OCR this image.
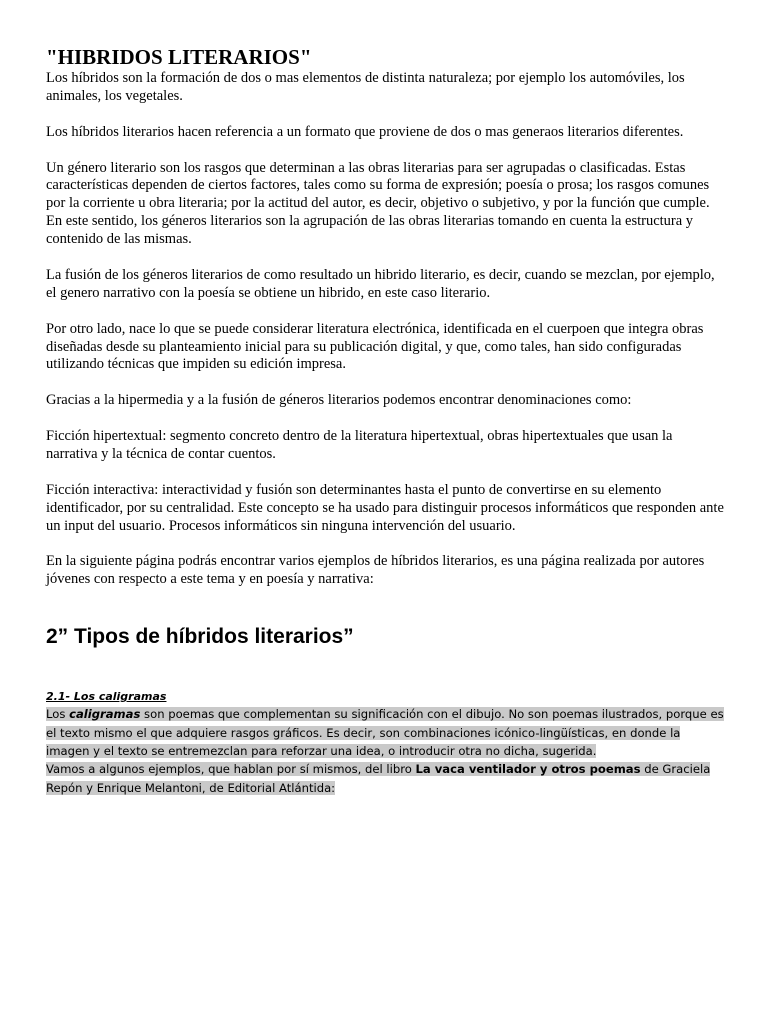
"HIBRIDOS LITERARIOS"

Los híbridos son la formación de dos o mas elementos de distinta naturaleza; por ejemplo los automóviles, los animales, los vegetales.

Los híbridos literarios hacen referencia a un formato que proviene de dos o mas generaos literarios diferentes.

Un género literario son los rasgos que determinan a las obras literarias para ser agrupadas o clasificadas. Estas características dependen de ciertos factores, tales como su forma de expresión; poesía o prosa; los rasgos comunes por la corriente u obra literaria; por la actitud del autor, es decir, objetivo o subjetivo, y por la función que cumple. En este sentido, los géneros literarios son la agrupación de las obras literarias tomando en cuenta la estructura y contenido de las mismas.

La fusión de los géneros literarios de como resultado un hibrido literario, es decir, cuando se mezclan, por ejemplo, el genero narrativo con la poesía se obtiene un hibrido, en este caso literario.

Por otro lado, nace lo que se puede considerar literatura electrónica, identificada en el cuerpoen que integra obras diseñadas desde su planteamiento inicial para su publicación digital, y que, como tales, han sido configuradas utilizando técnicas que impiden su edición impresa.

Gracias a la hipermedia y a la fusión de géneros literarios podemos encontrar denominaciones como:

Ficción hipertextual: segmento concreto dentro de la literatura hipertextual, obras hipertextuales que usan la narrativa y la técnica de contar cuentos.

Ficción interactiva: interactividad y fusión son determinantes hasta el punto de convertirse en su elemento identificador, por su centralidad. Este concepto se ha usado para distinguir procesos informáticos que responden ante un input del usuario. Procesos informáticos sin ninguna intervención del usuario.

En la siguiente página podrás encontrar varios ejemplos de híbridos literarios, es una página realizada por autores jóvenes con respecto a este tema y en poesía y narrativa:

2” Tipos de híbridos literarios”
2.1- Los caligramas

Los caligramas son poemas que complementan su significación con el dibujo. No son poemas ilustrados, porque es el texto mismo el que adquiere rasgos gráficos. Es decir, son combinaciones icónico-lingüísticas, en donde la imagen y el texto se entremezclan para reforzar una idea, o introducir otra no dicha, sugerida.

Vamos a algunos ejemplos, que hablan por sí mismos, del libro La vaca ventilador y otros poemas de Graciela Repón y Enrique Melantoni, de Editorial Atlántida:
